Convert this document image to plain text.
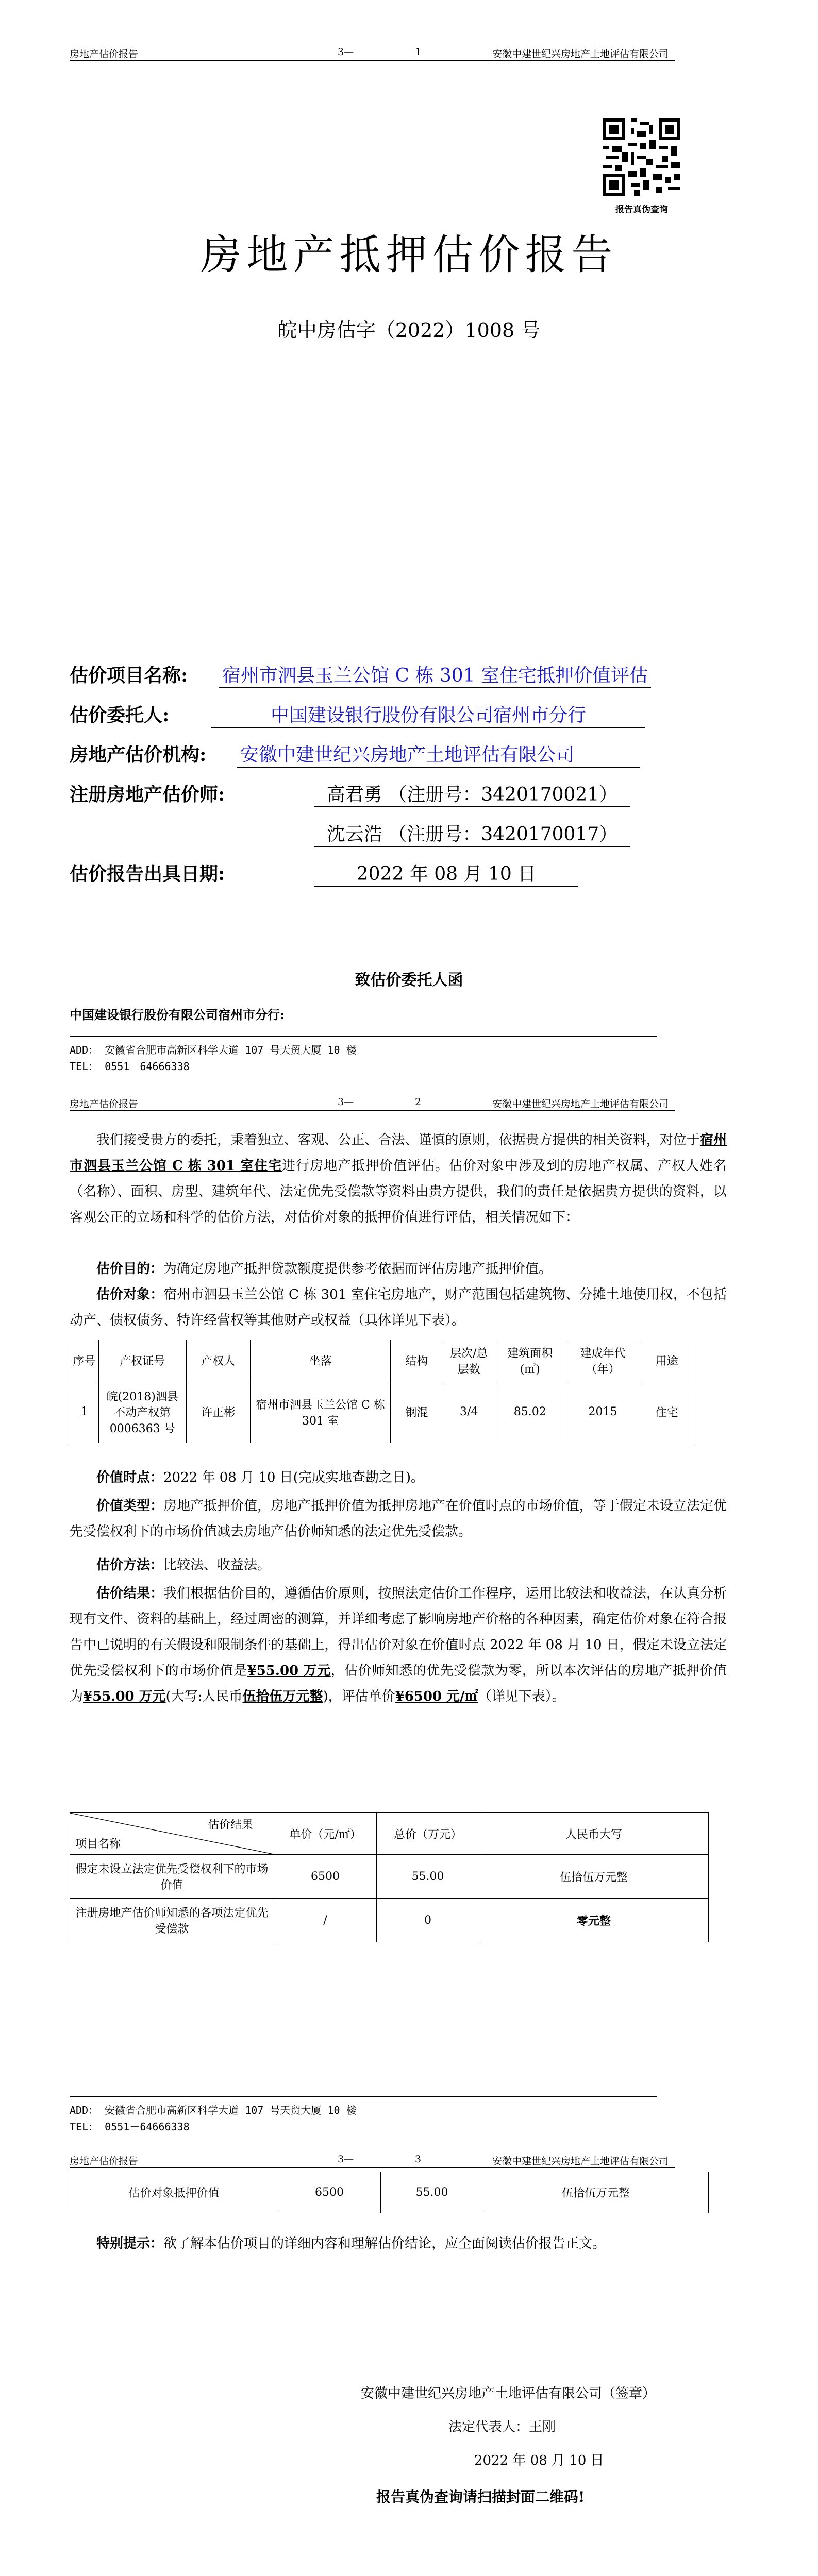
房地产估价报告	3—	1	安徽中建世纪兴房地产土地评估有限公司
报告真伪查询
房地产抵押估价报告
皖中房估字（2022）1008 号
估价项目名称: 宿州市泗县玉兰公馆 C 栋 301 室住宅抵押价值评估
估价委托人:	中国建设银行股份有限公司宿州市分行
房地产估价机构: 安徽中建世纪兴房地产土地评估有限公司
注册房地产估价师:	高君勇 （注册号：3420170021）
沈云浩 （注册号：3420170017）
估价报告出具日期:	2022 年 08 月 10 日
致估价委托人函
中国建设银行股份有限公司宿州市分行:
ADD： 安徽省合肥市高新区科学大道 107 号天贸大厦 10 楼
TEL： 0551－64666338
房地产估价报告	3—	2	安徽中建世纪兴房地产土地评估有限公司
我们接受贵方的委托，秉着独立、客观、公正、合法、谨慎的原则，依据贵方提供的相关资料，对位于宿州市泗县玉兰公馆 C 栋 301 室住宅进行房地产抵押价值评估。估价对象中涉及到的房地产权属、产权人姓名（名称）、面积、房型、建筑年代、法定优先受偿款等资料由贵方提供，我们的责任是依据贵方提供的资料，以客观公正的立场和科学的估价方法，对估价对象的抵押价值进行评估，相关情况如下：
估价目的：为确定房地产抵押贷款额度提供参考依据而评估房地产抵押价值。
估价对象：宿州市泗县玉兰公馆 C 栋 301 室住宅房地产，财产范围包括建筑物、分摊土地使用权，不包括动产、债权债务、特许经营权等其他财产或权益（具体详见下表）。
序号	产权证号	产权人	坐落	结构	层次/总层数	建筑面积(㎡)	建成年代（年）	用途
1	皖(2018)泗县不动产权第0006363 号	许正彬	宿州市泗县玉兰公馆 C 栋 301 室	钢混	3/4	85.02	2015	住宅
价值时点：2022 年 08 月 10 日(完成实地查勘之日)。
价值类型：房地产抵押价值，房地产抵押价值为抵押房地产在价值时点的市场价值，等于假定未设立法定优先受偿权利下的市场价值减去房地产估价师知悉的法定优先受偿款。
估价方法：比较法、收益法。
估价结果：我们根据估价目的，遵循估价原则，按照法定估价工作程序，运用比较法和收益法，在认真分析现有文件、资料的基础上，经过周密的测算，并详细考虑了影响房地产价格的各种因素，确定估价对象在符合报告中已说明的有关假设和限制条件的基础上，得出估价对象在价值时点 2022 年 08 月 10 日，假定未设立法定优先受偿权利下的市场价值是¥55.00 万元，估价师知悉的优先受偿款为零，所以本次评估的房地产抵押价值为¥55.00 万元(大写:人民币伍拾伍万元整)，评估单价¥6500 元/㎡（详见下表）。
估价结果
项目名称	单价（元/㎡）	总价（万元）	人民币大写
假定未设立法定优先受偿权利下的市场价值	6500	55.00	伍拾伍万元整
注册房地产估价师知悉的各项法定优先受偿款	/	0	零元整
ADD： 安徽省合肥市高新区科学大道 107 号天贸大厦 10 楼
TEL： 0551－64666338
房地产估价报告	3—	3	安徽中建世纪兴房地产土地评估有限公司
估价对象抵押价值	6500	55.00	伍拾伍万元整
特别提示：欲了解本估价项目的详细内容和理解估价结论，应全面阅读估价报告正文。
安徽中建世纪兴房地产土地评估有限公司（签章）
法定代表人：王刚
2022 年 08 月 10 日
报告真伪查询请扫描封面二维码!
